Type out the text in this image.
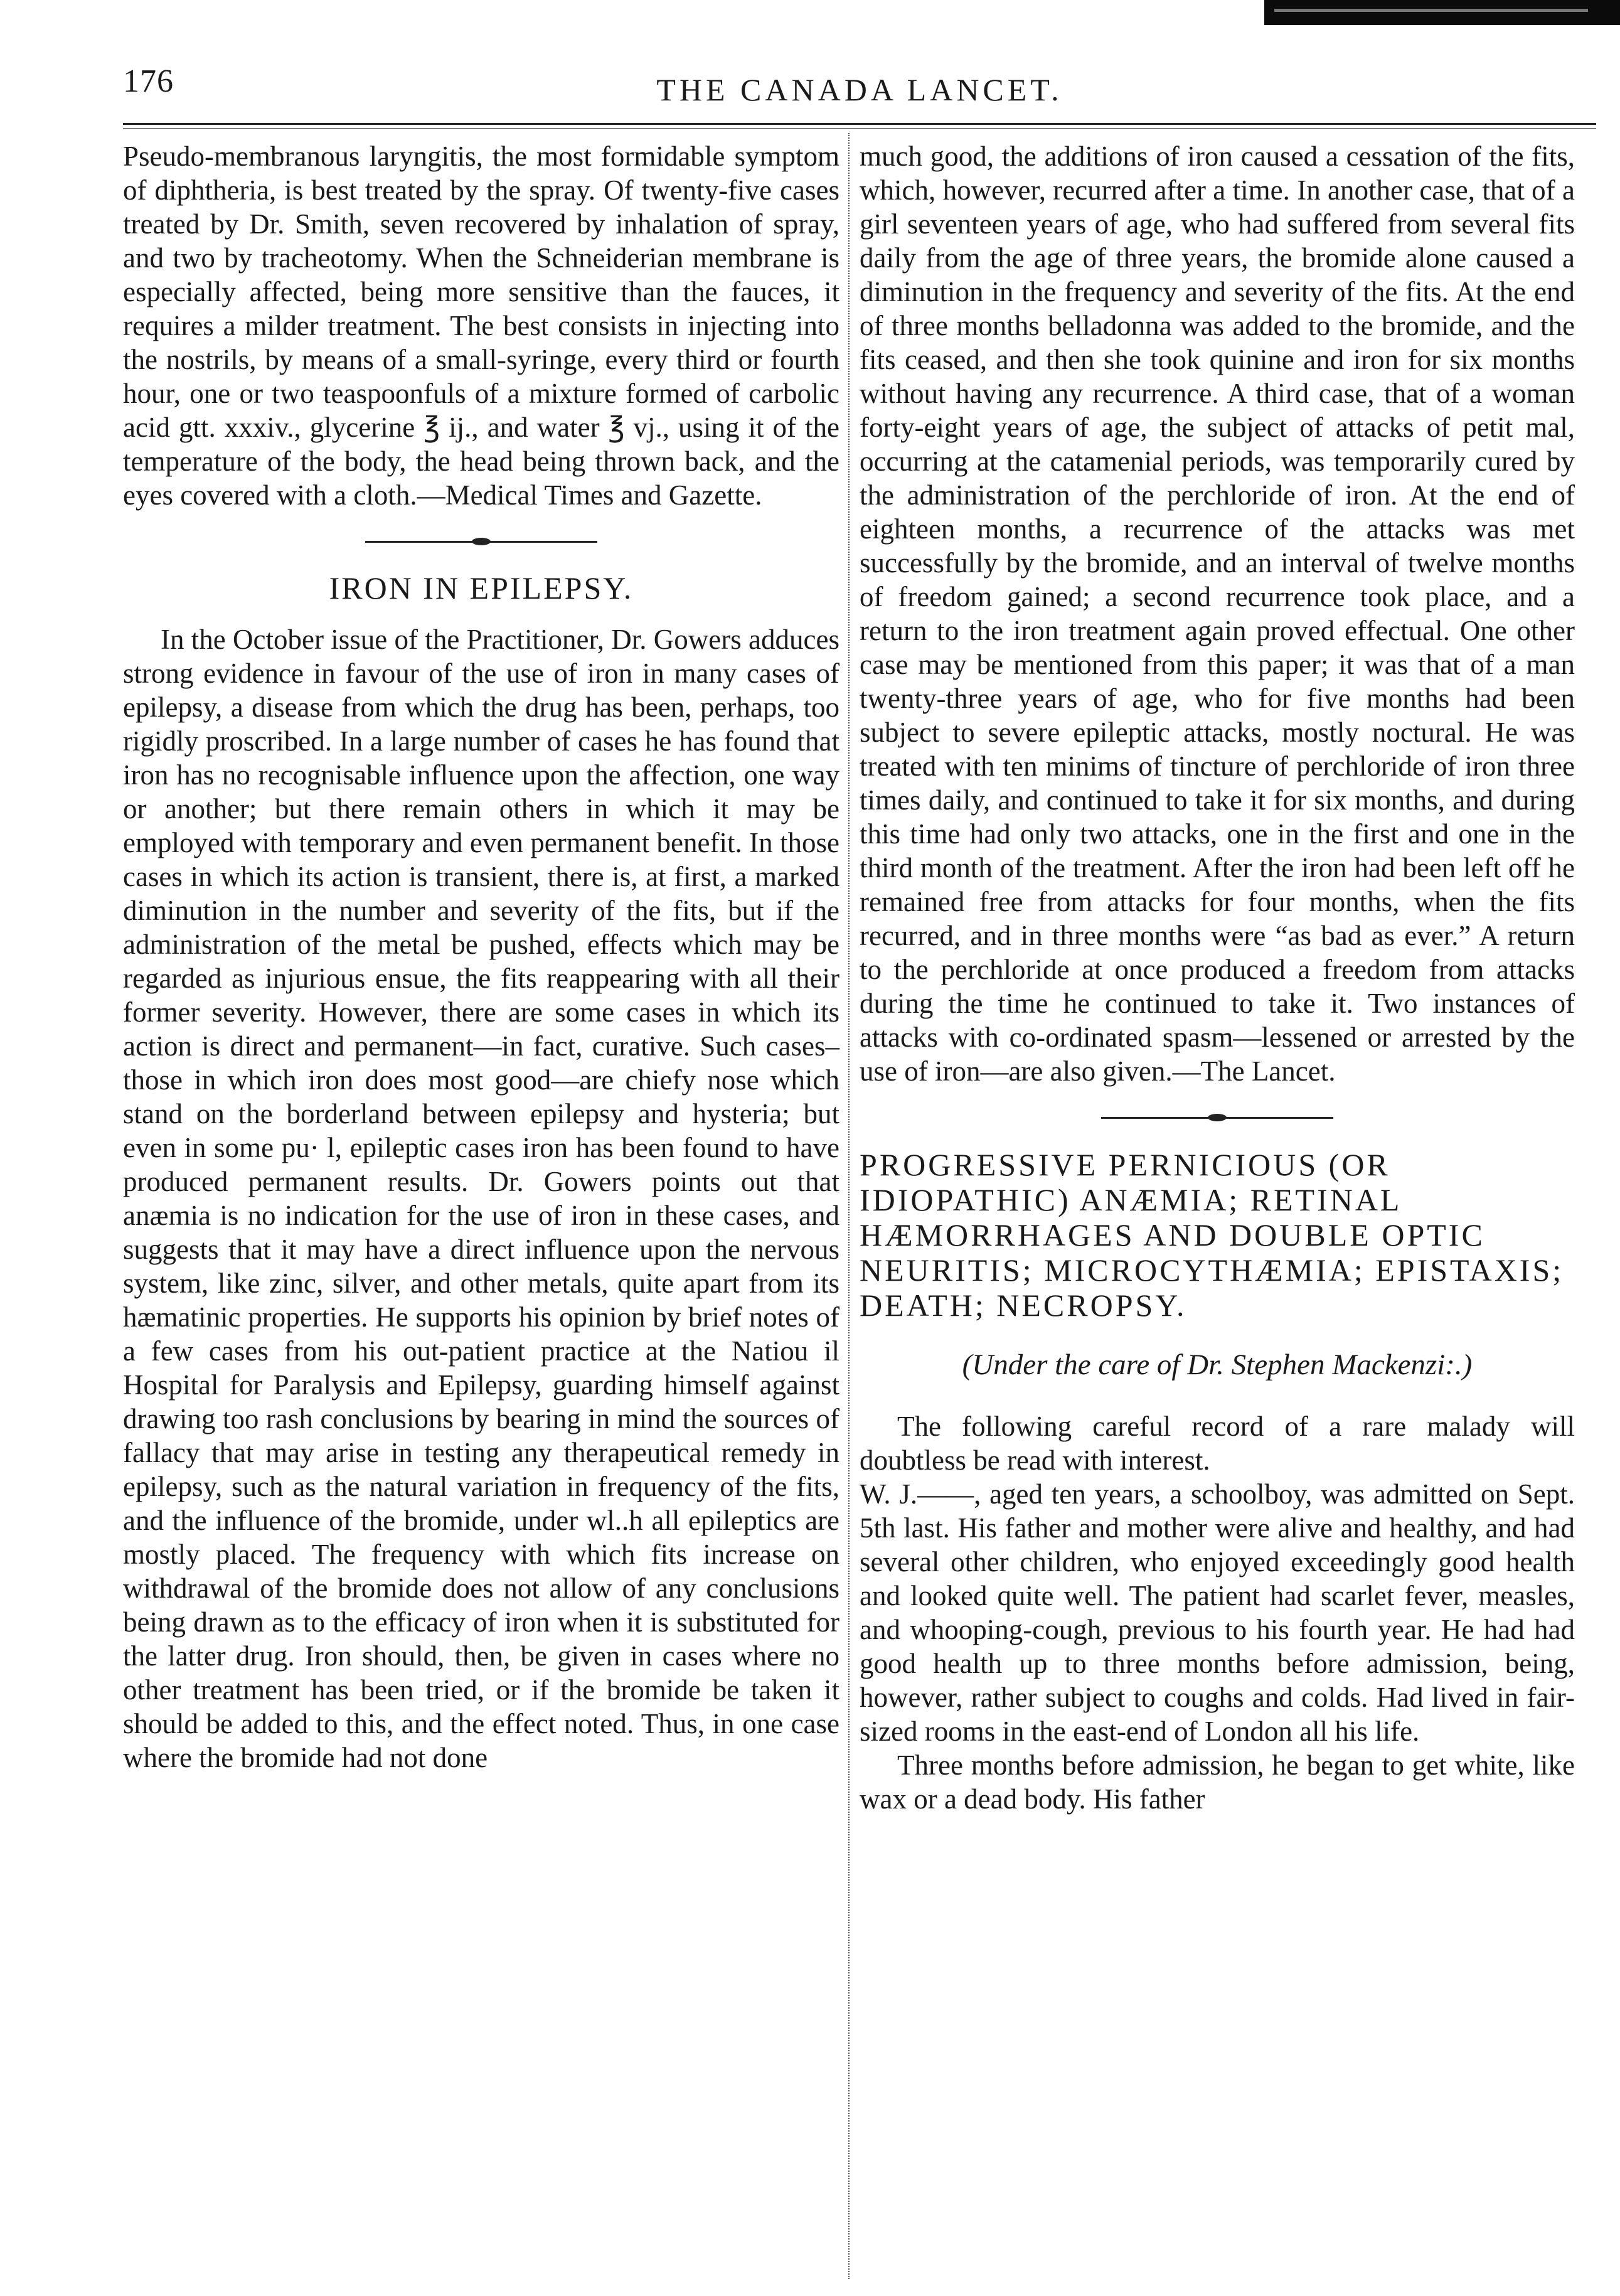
176	THE CANADA LANCET.

Pseudo-membranous laryngitis, the most formidable symptom of diphtheria, is best treated by the spray. Of twenty-five cases treated by Dr. Smith, seven recovered by inhalation of spray, and two by tracheotomy. When the Schneiderian membrane is especially affected, being more sensitive than the fauces, it requires a milder treatment. The best consists in injecting into the nostrils, by means of a small-syringe, every third or fourth hour, one or two teaspoonfuls of a mixture formed of carbolic acid gtt. xxxiv., glycerine ℥ ij., and water ℥ vj., using it of the temperature of the body, the head being thrown back, and the eyes covered with a cloth.—Medical Times and Gazette.

IRON IN EPILEPSY.

In the October issue of the Practitioner, Dr. Gowers adduces strong evidence in favour of the use of iron in many cases of epilepsy, a disease from which the drug has been, perhaps, too rigidly proscribed. In a large number of cases he has found that iron has no recognisable influence upon the affection, one way or another; but there remain others in which it may be employed with temporary and even permanent benefit. In those cases in which its action is transient, there is, at first, a marked diminution in the number and severity of the fits, but if the administration of the metal be pushed, effects which may be regarded as injurious ensue, the fits reappearing with all their former severity. However, there are some cases in which its action is direct and permanent—in fact, curative. Such cases– those in which iron does most good—are chiefy nose which stand on the borderland between epilepsy and hysteria; but even in some pu· l, epileptic cases iron has been found to have produced permanent results. Dr. Gowers points out that anæmia is no indication for the use of iron in these cases, and suggests that it may have a direct influence upon the nervous system, like zinc, silver, and other metals, quite apart from its hæmatinic properties. He supports his opinion by brief notes of a few cases from his out-patient practice at the Natiou il Hospital for Paralysis and Epilepsy, guarding himself against drawing too rash conclusions by bearing in mind the sources of fallacy that may arise in testing any therapeutical remedy in epilepsy, such as the natural variation in frequency of the fits, and the influence of the bromide, under wl..h all epileptics are mostly placed. The frequency with which fits increase on withdrawal of the bromide does not allow of any conclusions being drawn as to the efficacy of iron when it is substituted for the latter drug. Iron should, then, be given in cases where no other treatment has been tried, or if the bromide be taken it should be added to this, and the effect noted. Thus, in one case where the bromide had not done

much good, the additions of iron caused a cessation of the fits, which, however, recurred after a time. In another case, that of a girl seventeen years of age, who had suffered from several fits daily from the age of three years, the bromide alone caused a diminution in the frequency and severity of the fits. At the end of three months belladonna was added to the bromide, and the fits ceased, and then she took quinine and iron for six months without having any recurrence. A third case, that of a woman forty-eight years of age, the subject of attacks of petit mal, occurring at the catamenial periods, was temporarily cured by the administration of the perchloride of iron. At the end of eighteen months, a recurrence of the attacks was met successfully by the bromide, and an interval of twelve months of freedom gained; a second recurrence took place, and a return to the iron treatment again proved effectual. One other case may be mentioned from this paper; it was that of a man twenty-three years of age, who for five months had been subject to severe epileptic attacks, mostly noctural. He was treated with ten minims of tincture of perchloride of iron three times daily, and continued to take it for six months, and during this time had only two attacks, one in the first and one in the third month of the treatment. After the iron had been left off he remained free from attacks for four months, when the fits recurred, and in three months were “as bad as ever.” A return to the perchloride at once produced a freedom from attacks during the time he continued to take it. Two instances of attacks with co-ordinated spasm—lessened or arrested by the use of iron—are also given.—The Lancet.

PROGRESSIVE PERNICIOUS (OR IDIOPATHIC) ANÆMIA; RETINAL HÆMORRHAGES AND DOUBLE OPTIC NEURITIS; MICROCYTHÆMIA; EPISTAXIS; DEATH; NECROPSY.
(Under the care of Dr. Stephen Mackenzi:.)

The following careful record of a rare malady will doubtless be read with interest.

W. J.——, aged ten years, a schoolboy, was admitted on Sept. 5th last. His father and mother were alive and healthy, and had several other children, who enjoyed exceedingly good health and looked quite well. The patient had scarlet fever, measles, and whooping-cough, previous to his fourth year. He had had good health up to three months before admission, being, however, rather subject to coughs and colds. Had lived in fair-sized rooms in the east-end of London all his life.

Three months before admission, he began to get white, like wax or a dead body. His father
